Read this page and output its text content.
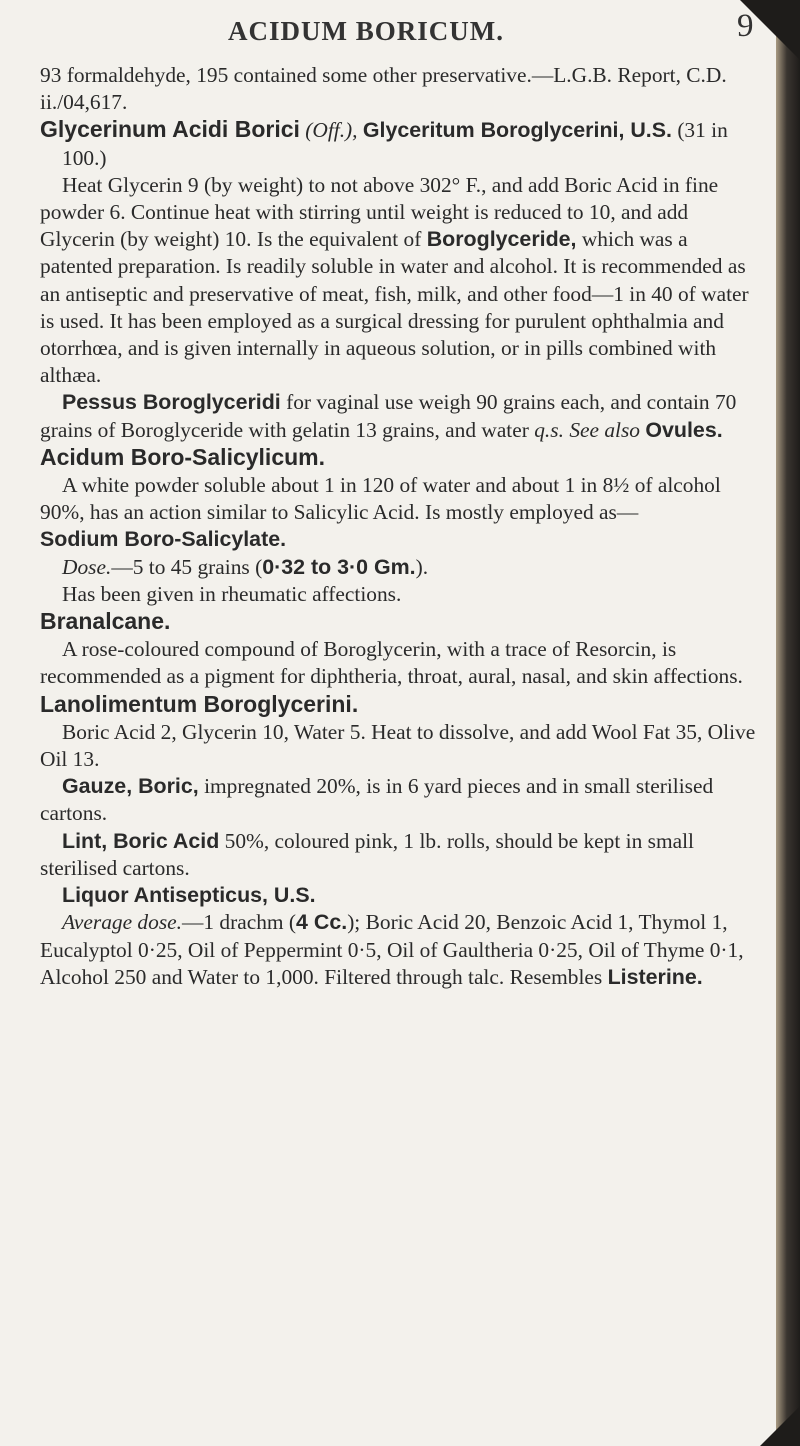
ACIDUM BORICUM.	9

93 formaldehyde, 195 contained some other preservative.—L.G.B. Report, C.D. ii./04,617.

Glycerinum Acidi Borici (Off.), Glyceritum Boroglycerini, U.S. (31 in 100.)

Heat Glycerin 9 (by weight) to not above 302° F., and add Boric Acid in fine powder 6. Continue heat with stirring until weight is reduced to 10, and add Glycerin (by weight) 10. Is the equivalent of Boroglyceride, which was a patented preparation. Is readily soluble in water and alcohol. It is recommended as an antiseptic and preservative of meat, fish, milk, and other food—1 in 40 of water is used. It has been employed as a surgical dressing for purulent ophthalmia and otorrhœa, and is given internally in aqueous solution, or in pills combined with althæa.

Pessus Boroglyceridi for vaginal use weigh 90 grains each, and contain 70 grains of Boroglyceride with gelatin 13 grains, and water q.s. See also Ovules.

Acidum Boro-Salicylicum.

A white powder soluble about 1 in 120 of water and about 1 in 8½ of alcohol 90%, has an action similar to Salicylic Acid. Is mostly employed as—

Sodium Boro-Salicylate.

Dose.—5 to 45 grains (0·32 to 3·0 Gm.).

Has been given in rheumatic affections.

Branalcane.

A rose-coloured compound of Boroglycerin, with a trace of Resorcin, is recommended as a pigment for diphtheria, throat, aural, nasal, and skin affections.

Lanolimentum Boroglycerini.

Boric Acid 2, Glycerin 10, Water 5. Heat to dissolve, and add Wool Fat 35, Olive Oil 13.

Gauze, Boric, impregnated 20%, is in 6 yard pieces and in small sterilised cartons.

Lint, Boric Acid 50%, coloured pink, 1 lb. rolls, should be kept in small sterilised cartons.

Liquor Antisepticus, U.S.

Average dose.—1 drachm (4 Cc.); Boric Acid 20, Benzoic Acid 1, Thymol 1, Eucalyptol 0·25, Oil of Peppermint 0·5, Oil of Gaultheria 0·25, Oil of Thyme 0·1, Alcohol 250 and Water to 1,000. Filtered through talc. Resembles Listerine.
